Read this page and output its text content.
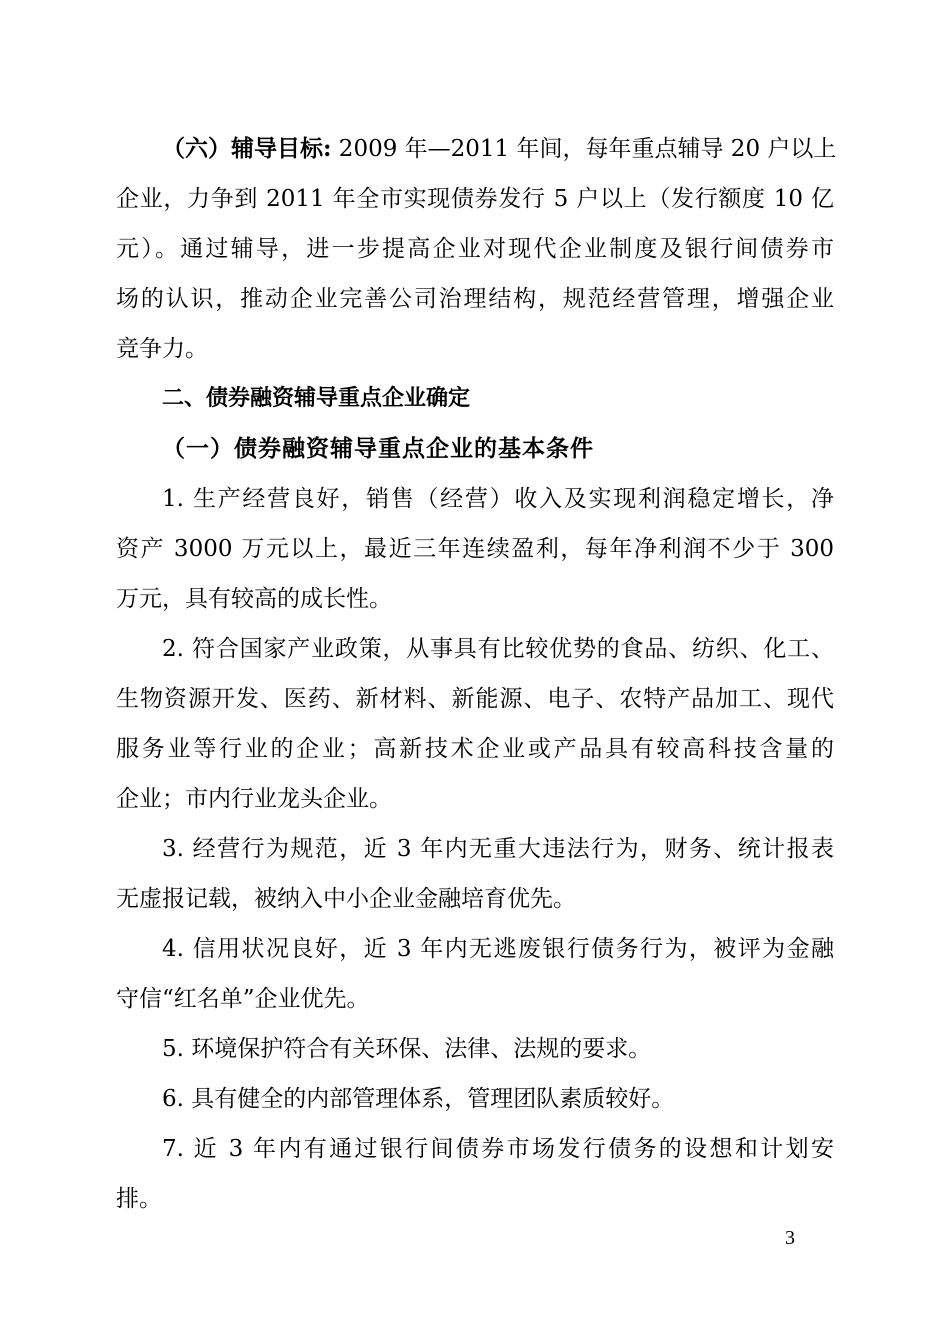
（六）辅导目标: 2009 年—2011 年间，每年重点辅导 20 户以上
企业，力争到 2011 年全市实现债券发行 5 户以上（发行额度 10 亿
元）。通过辅导，进一步提高企业对现代企业制度及银行间债券市
场的认识，推动企业完善公司治理结构，规范经营管理，增强企业
竞争力。
二、债券融资辅导重点企业确定
（一）债券融资辅导重点企业的基本条件
1. 生产经营良好，销售（经营）收入及实现利润稳定增长，净
资产 3000 万元以上，最近三年连续盈利，每年净利润不少于 300
万元，具有较高的成长性。
2. 符合国家产业政策，从事具有比较优势的食品、纺织、化工、
生物资源开发、医药、新材料、新能源、电子、农特产品加工、现代
服务业等行业的企业；高新技术企业或产品具有较高科技含量的
企业；市内行业龙头企业。
3. 经营行为规范，近 3 年内无重大违法行为，财务、统计报表
无虚报记载，被纳入中小企业金融培育优先。
4. 信用状况良好，近 3 年内无逃废银行债务行为，被评为金融
守信“红名单”企业优先。
5. 环境保护符合有关环保、法律、法规的要求。
6. 具有健全的内部管理体系，管理团队素质较好。
7. 近 3 年内有通过银行间债券市场发行债务的设想和计划安
排。
3
